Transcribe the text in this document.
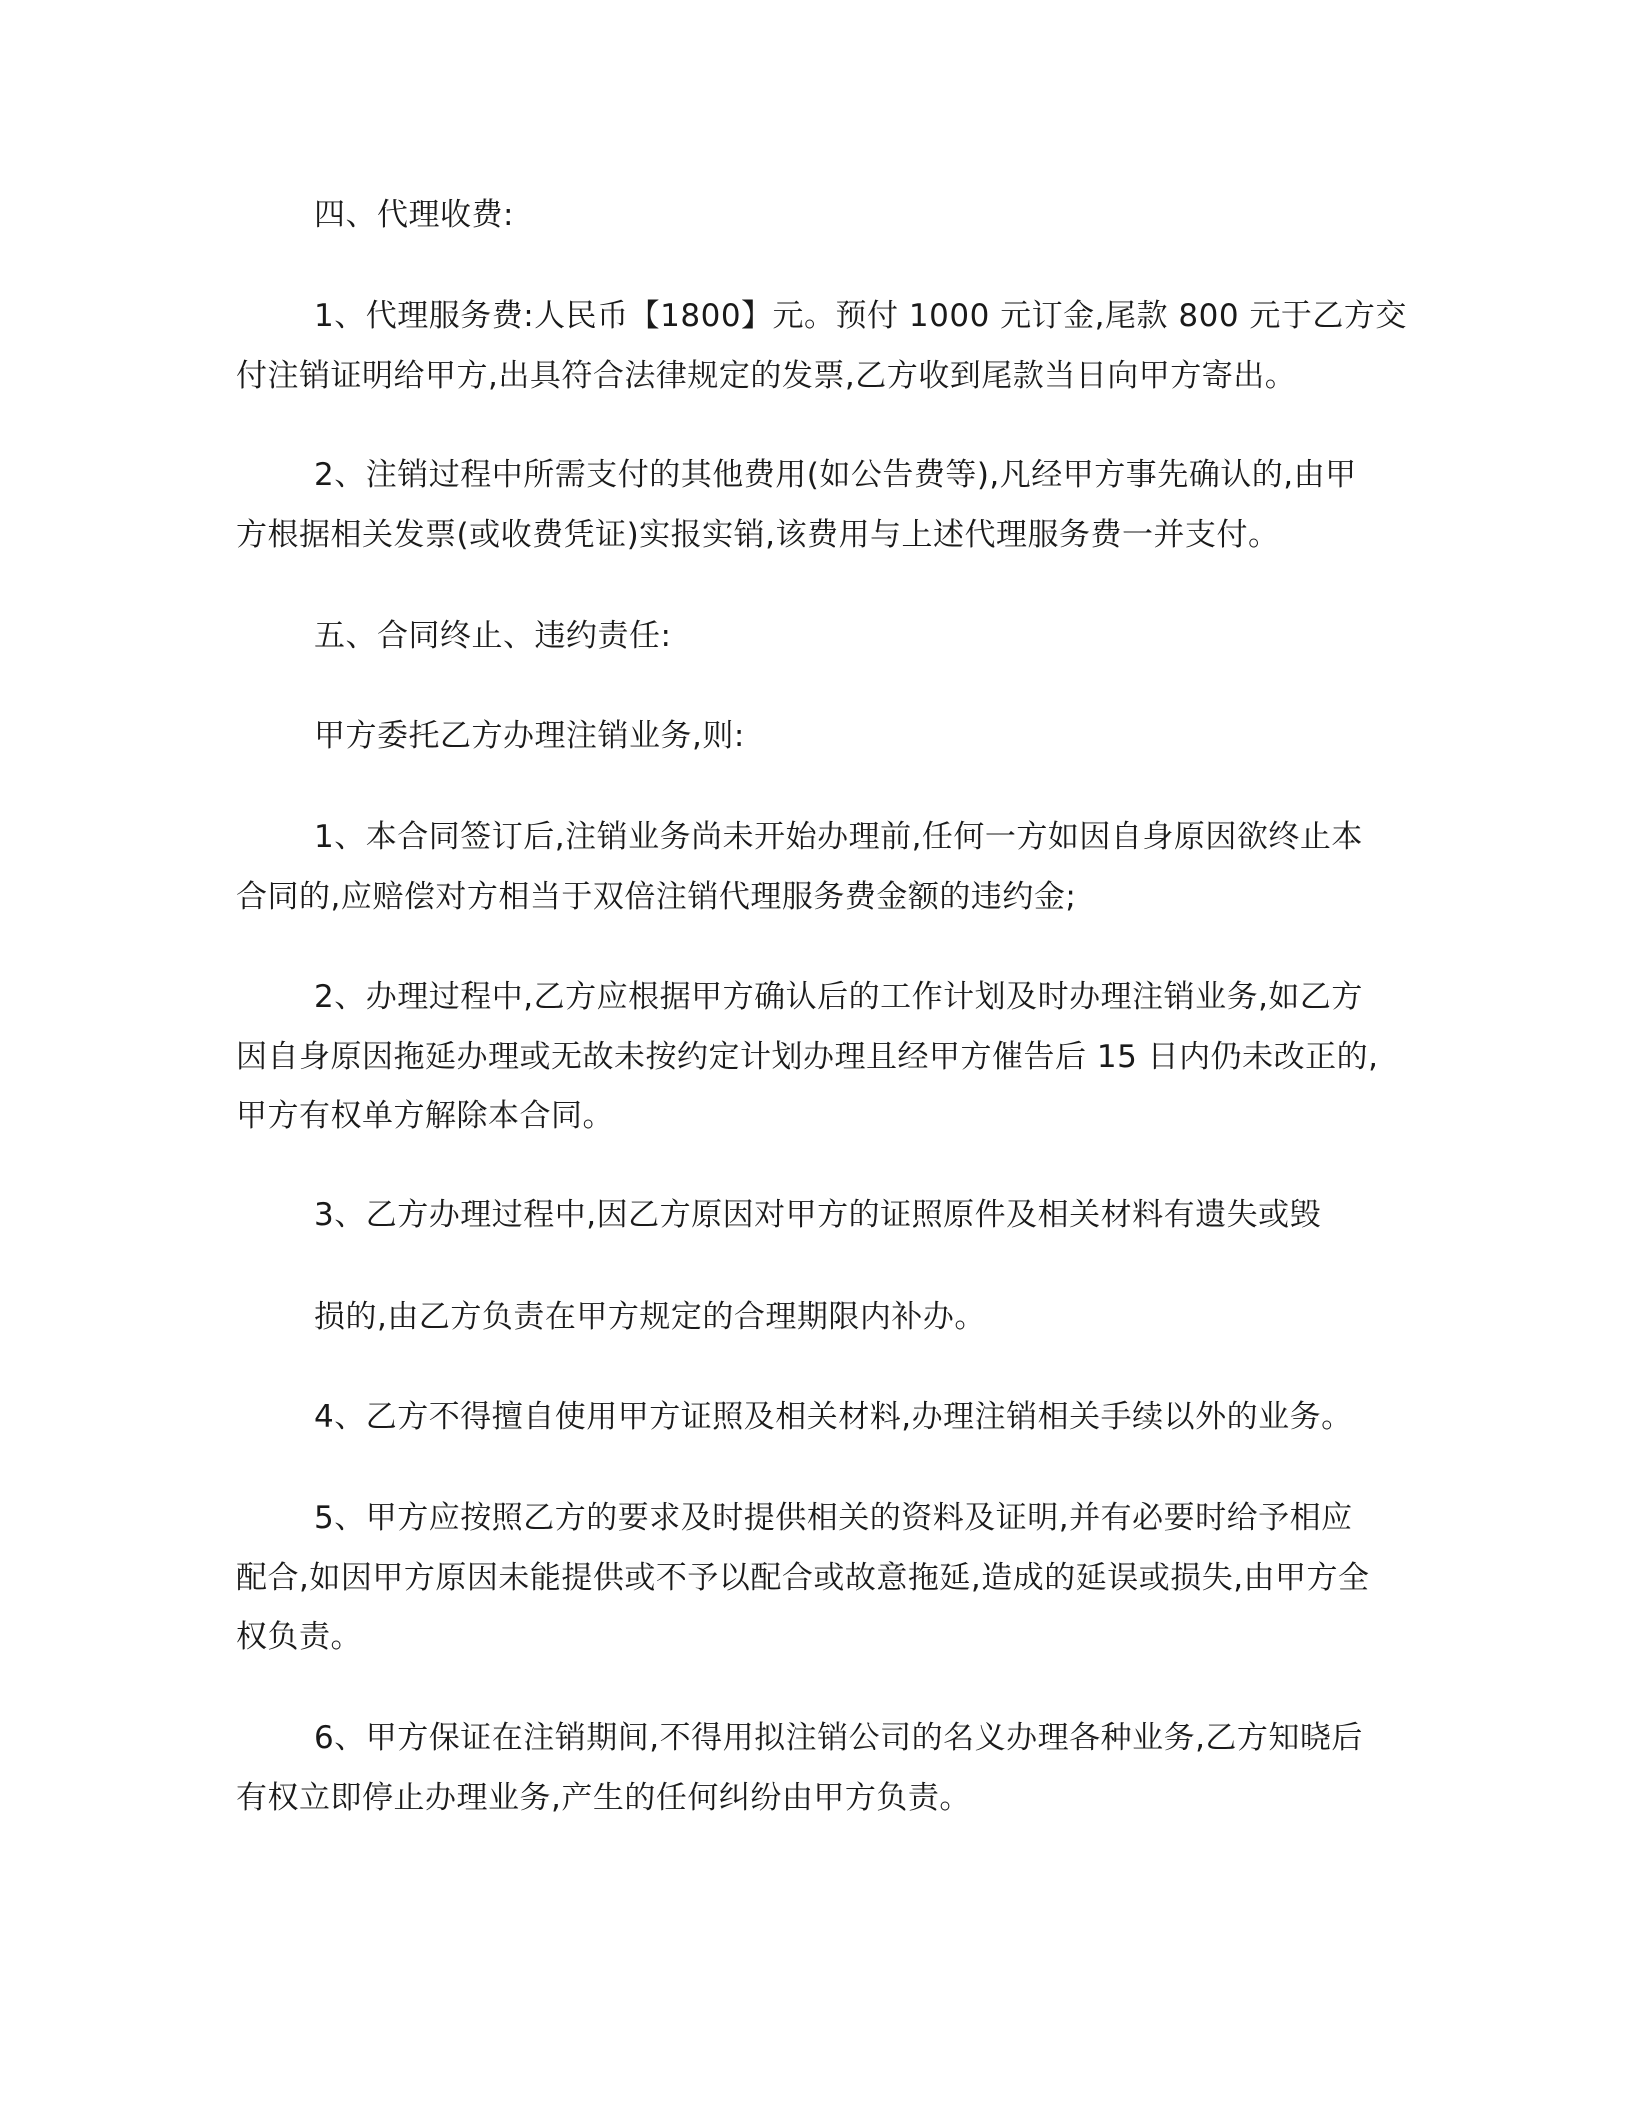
四、代理收费:
1、代理服务费:人民币【1800】元。预付 1000 元订金,尾款 800 元于乙方交
付注销证明给甲方,出具符合法律规定的发票,乙方收到尾款当日向甲方寄出。
2、注销过程中所需支付的其他费用(如公告费等),凡经甲方事先确认的,由甲
方根据相关发票(或收费凭证)实报实销,该费用与上述代理服务费一并支付。
五、合同终止、违约责任:
甲方委托乙方办理注销业务,则:
1、本合同签订后,注销业务尚未开始办理前,任何一方如因自身原因欲终止本
合同的,应赔偿对方相当于双倍注销代理服务费金额的违约金;
2、办理过程中,乙方应根据甲方确认后的工作计划及时办理注销业务,如乙方
因自身原因拖延办理或无故未按约定计划办理且经甲方催告后 15 日内仍未改正的,
甲方有权单方解除本合同。
3、乙方办理过程中,因乙方原因对甲方的证照原件及相关材料有遗失或毁
损的,由乙方负责在甲方规定的合理期限内补办。
4、乙方不得擅自使用甲方证照及相关材料,办理注销相关手续以外的业务。
5、甲方应按照乙方的要求及时提供相关的资料及证明,并有必要时给予相应
配合,如因甲方原因未能提供或不予以配合或故意拖延,造成的延误或损失,由甲方全
权负责。
6、甲方保证在注销期间,不得用拟注销公司的名义办理各种业务,乙方知晓后
有权立即停止办理业务,产生的任何纠纷由甲方负责。
